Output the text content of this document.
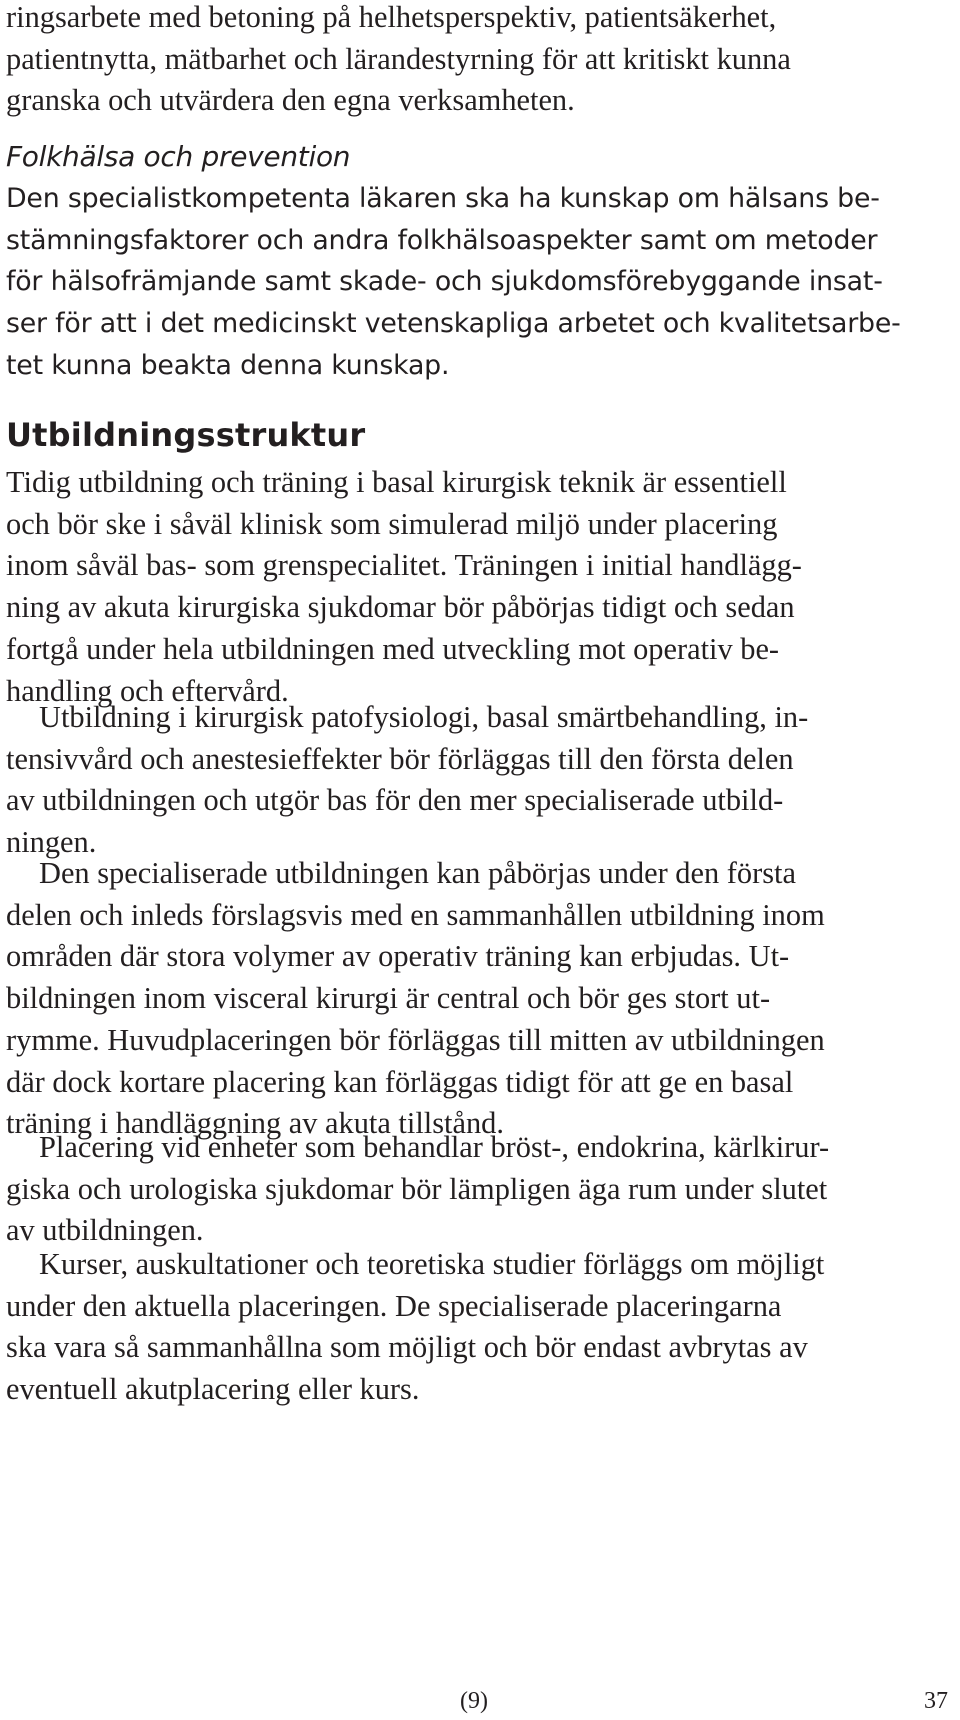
ringsarbete med betoning på helhetsperspektiv, patientsäkerhet,
patientnytta, mätbarhet och lärandestyrning för att kritiskt kunna
granska och utvärdera den egna verksamheten.

Folkhälsa och prevention

Den specialistkompetenta läkaren ska ha kunskap om hälsans be-
stämningsfaktorer och andra folkhälsoaspekter samt om metoder
för hälsofrämjande samt skade- och sjukdomsförebyggande insat-
ser för att i det medicinskt vetenskapliga arbetet och kvalitetsarbe-
tet kunna beakta denna kunskap.

Utbildningsstruktur

Tidig utbildning och träning i basal kirurgisk teknik är essentiell
och bör ske i såväl klinisk som simulerad miljö under placering
inom såväl bas- som grenspecialitet. Träningen i initial handlägg-
ning av akuta kirurgiska sjukdomar bör påbörjas tidigt och sedan
fortgå under hela utbildningen med utveckling mot operativ be-
handling och eftervård.

Utbildning i kirurgisk patofysiologi, basal smärtbehandling, in-
tensivvård och anestesieffekter bör förläggas till den första delen
av utbildningen och utgör bas för den mer specialiserade utbild-
ningen.

Den specialiserade utbildningen kan påbörjas under den första
delen och inleds förslagsvis med en sammanhållen utbildning inom
områden där stora volymer av operativ träning kan erbjudas. Ut-
bildningen inom visceral kirurgi är central och bör ges stort ut-
rymme. Huvudplaceringen bör förläggas till mitten av utbildningen
där dock kortare placering kan förläggas tidigt för att ge en basal
träning i handläggning av akuta tillstånd.

Placering vid enheter som behandlar bröst-, endokrina, kärlkirur-
giska och urologiska sjukdomar bör lämpligen äga rum under slutet
av utbildningen.

Kurser, auskultationer och teoretiska studier förläggs om möjligt
under den aktuella placeringen. De specialiserade placeringarna
ska vara så sammanhållna som möjligt och bör endast avbrytas av
eventuell akutplacering eller kurs.

(9)	37
